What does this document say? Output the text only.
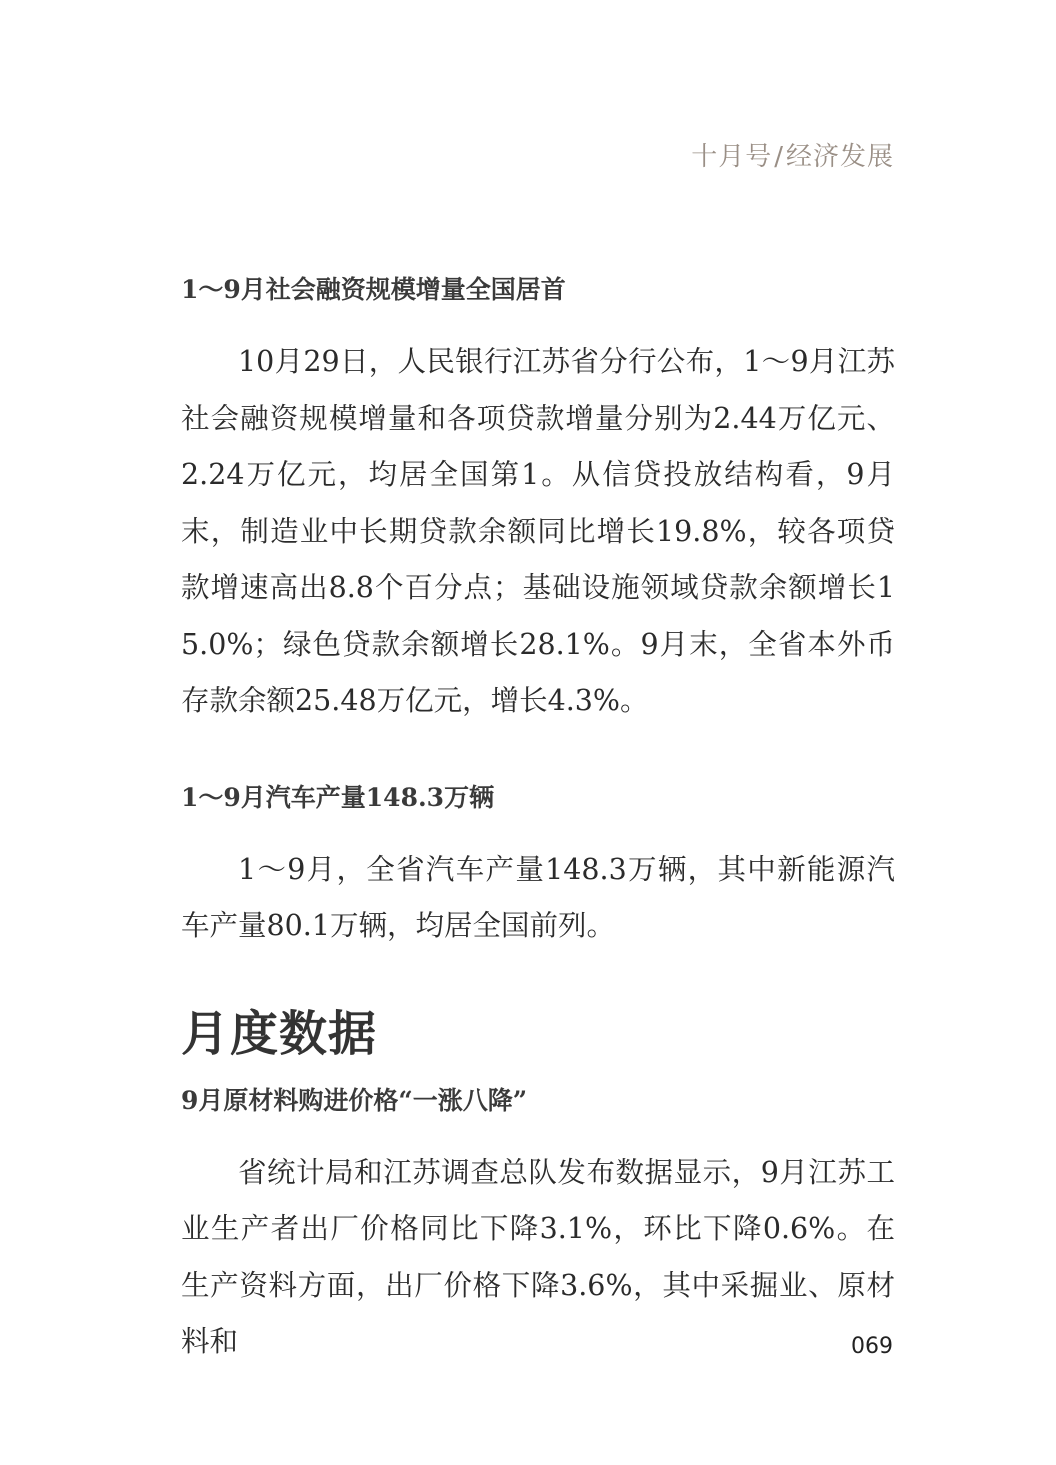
十月号/经济发展
1～9月社会融资规模增量全国居首

10月29日，人民银行江苏省分行公布，1～9月江苏社会融资规模增量和各项贷款增量分别为2.44万亿元、2.24万亿元，均居全国第1。从信贷投放结构看，9月末，制造业中长期贷款余额同比增长19.8%，较各项贷款增速高出8.8个百分点；基础设施领域贷款余额增长15.0%；绿色贷款余额增长28.1%。9月末，全省本外币存款余额25.48万亿元，增长4.3%。

1～9月汽车产量148.3万辆

1～9月，全省汽车产量148.3万辆，其中新能源汽车产量80.1万辆，均居全国前列。

月度数据
9月原材料购进价格“一涨八降”

省统计局和江苏调查总队发布数据显示，9月江苏工业生产者出厂价格同比下降3.1%，环比下降0.6%。在生产资料方面，出厂价格下降3.6%，其中采掘业、原材料和	069
